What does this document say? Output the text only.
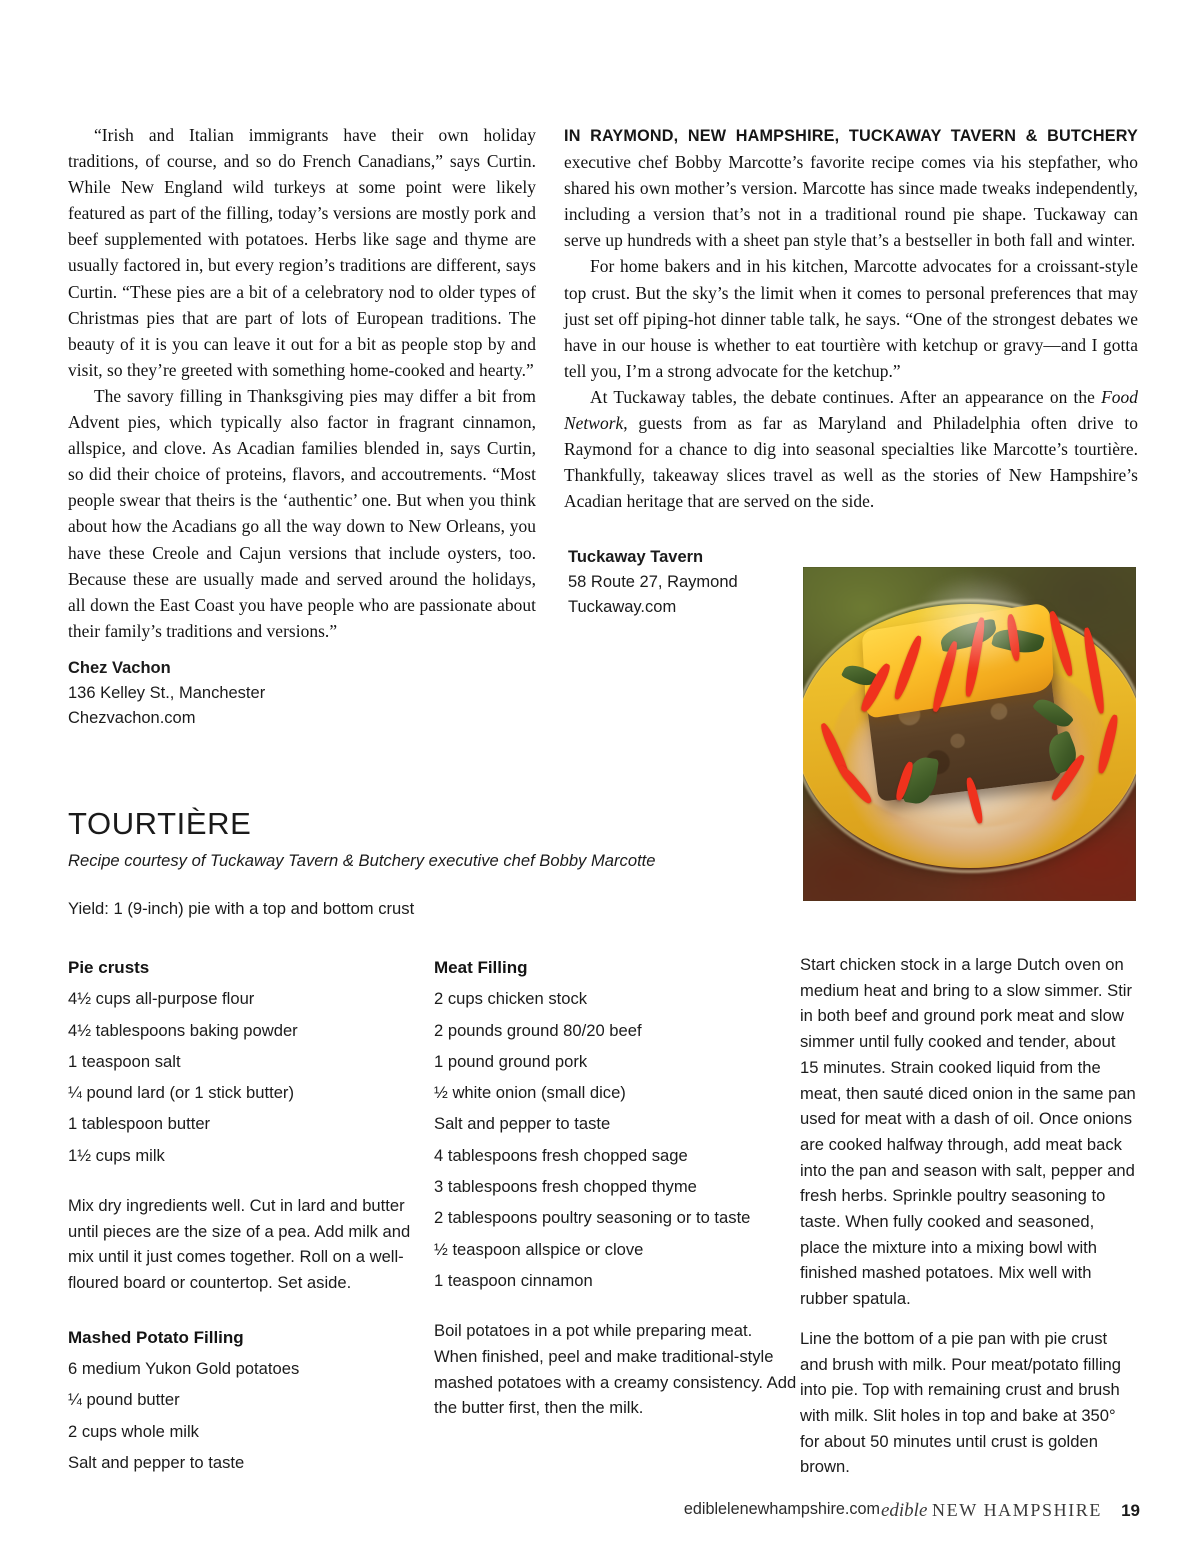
“Irish and Italian immigrants have their own holiday traditions, of course, and so do French Canadians,” says Curtin. While New England wild turkeys at some point were likely featured as part of the filling, today’s versions are mostly pork and beef supplemented with potatoes. Herbs like sage and thyme are usually factored in, but every region’s traditions are different, says Curtin. “These pies are a bit of a celebratory nod to older types of Christmas pies that are part of lots of European traditions. The beauty of it is you can leave it out for a bit as people stop by and visit, so they’re greeted with something home-cooked and hearty.”

The savory filling in Thanksgiving pies may differ a bit from Advent pies, which typically also factor in fragrant cinnamon, allspice, and clove. As Acadian families blended in, says Curtin, so did their choice of proteins, flavors, and accoutrements. “Most people swear that theirs is the ‘authentic’ one. But when you think about how the Acadians go all the way down to New Orleans, you have these Creole and Cajun versions that include oysters, too. Because these are usually made and served around the holidays, all down the East Coast you have people who are passionate about their family’s traditions and versions.”

IN RAYMOND, NEW HAMPSHIRE, TUCKAWAY TAVERN & BUTCHERY executive chef Bobby Marcotte’s favorite recipe comes via his stepfather, who shared his own mother’s version. Marcotte has since made tweaks independently, including a version that’s not in a traditional round pie shape. Tuckaway can serve up hundreds with a sheet pan style that’s a bestseller in both fall and winter.

For home bakers and in his kitchen, Marcotte advocates for a croissant-style top crust. But the sky’s the limit when it comes to personal preferences that may just set off piping-hot dinner table talk, he says. “One of the strongest debates we have in our house is whether to eat tourtière with ketchup or gravy—and I gotta tell you, I’m a strong advocate for the ketchup.”

At Tuckaway tables, the debate continues. After an appearance on the Food Network, guests from as far as Maryland and Philadelphia often drive to Raymond for a chance to dig into seasonal specialties like Marcotte’s tourtière. Thankfully, takeaway slices travel as well as the stories of New Hampshire’s Acadian heritage that are served on the side.

Chez Vachon
136 Kelley St., Manchester
Chezvachon.com
Tuckaway Tavern
58 Route 27, Raymond
Tuckaway.com
TOURTIÈRE
Recipe courtesy of Tuckaway Tavern & Butchery executive chef Bobby Marcotte
Yield: 1 (9-inch) pie with a top and bottom crust
Pie crusts
4½ cups all-purpose flour
4½ tablespoons baking powder
1 teaspoon salt
¼ pound lard (or 1 stick butter)
1 tablespoon butter
1½ cups milk

Mix dry ingredients well. Cut in lard and butter until pieces are the size of a pea. Add milk and mix until it just comes together. Roll on a well-floured board or countertop. Set aside.

Mashed Potato Filling
6 medium Yukon Gold potatoes
¼ pound butter
2 cups whole milk
Salt and pepper to taste
Meat Filling
2 cups chicken stock
2 pounds ground 80/20 beef
1 pound ground pork
½ white onion (small dice)
Salt and pepper to taste
4 tablespoons fresh chopped sage
3 tablespoons fresh chopped thyme
2 tablespoons poultry seasoning or to taste
½ teaspoon allspice or clove
1 teaspoon cinnamon

Boil potatoes in a pot while preparing meat. When finished, peel and make traditional-style mashed potatoes with a creamy consistency. Add the butter first, then the milk.

Start chicken stock in a large Dutch oven on medium heat and bring to a slow simmer. Stir in both beef and ground pork meat and slow simmer until fully cooked and tender, about 15 minutes. Strain cooked liquid from the meat, then sauté diced onion in the same pan used for meat with a dash of oil. Once onions are cooked halfway through, add meat back into the pan and season with salt, pepper and fresh herbs. Sprinkle poultry seasoning to taste. When fully cooked and seasoned, place the mixture into a mixing bowl with finished mashed potatoes. Mix well with rubber spatula.

Line the bottom of a pie pan with pie crust and brush with milk. Pour meat/potato filling into pie. Top with remaining crust and brush with milk. Slit holes in top and bake at 350° for about 50 minutes until crust is golden brown.

ediblelenewhampshire.com edible NEW HAMPSHIRE 19
